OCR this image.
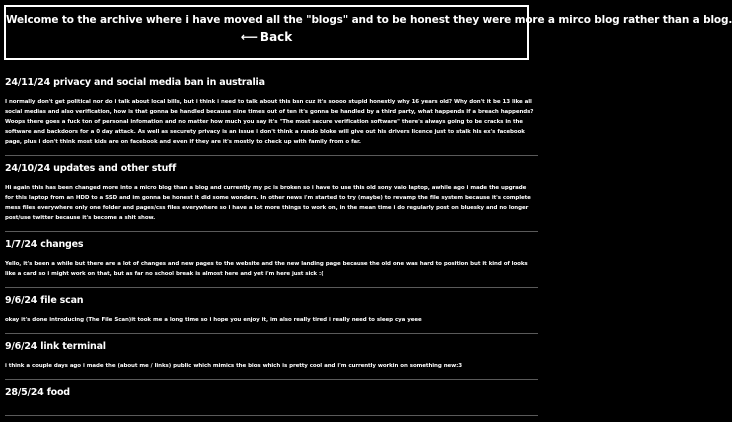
Welcome to the archive where i have moved all the "blogs" and to be honest they were more a mirco blog rather than a blog.
⟵ Back
24/11/24 privacy and social media ban in australia
I normally don't get political nor do i talk about local bills, but i think i need to talk about this bsn cuz it's soooo stupid honestly why 16 years old? Why don't it be 13 like all social medias and also verification, how is that gonna be handled because nine times out of ten it's gonna be handled by a third party, what happends if a breach happends? Woops there goes a fuck ton of personal infomation and no matter how much you say it's "The most secure verification software" there's always going to be cracks in the software and backdoors for a 0 day attack. As well as securety privacy is an issue i don't think a rando bloke will give out his drivers licence just to stalk his ex's facebook page, plus i don't think most kids are on facebook and even if they are it's mostly to check up with family from o far.
24/10/24 updates and other stuff
Hi again this has been changed more into a micro blog than a blog and currently my pc is broken so i have to use this old sony vaio laptop, awhile ago i made the upgrade for this laptop from an HDD to a SSD and im gonna be honest it did some wonders. In other news i'm started to try (maybe) to revamp the file system because it's complete mess files everywhere only one folder and pages/css files everywhere so i have a lot more things to work on, in the mean time i do regularly post on bluesky and no longer post/use twitter because it's become a shit show.
1/7/24 changes
Yello, it's been a while but there are a lot of changes and new pages to the website and the new landing page because the old one was hard to position but it kind of looks like a card so i might work on that, but as far no school break is almost here and yet i'm here just sick :(
9/6/24 file scan
okay it's done introducing (The File Scan)it took me a long time so i hope you enjoy it, im also really tired i really need to sleep cya yeee
9/6/24 link terminal
i think a couple days ago i made the (about me / links) public which mimics the bios which is pretty cool and i'm currently workin on something new:3
28/5/24 food
